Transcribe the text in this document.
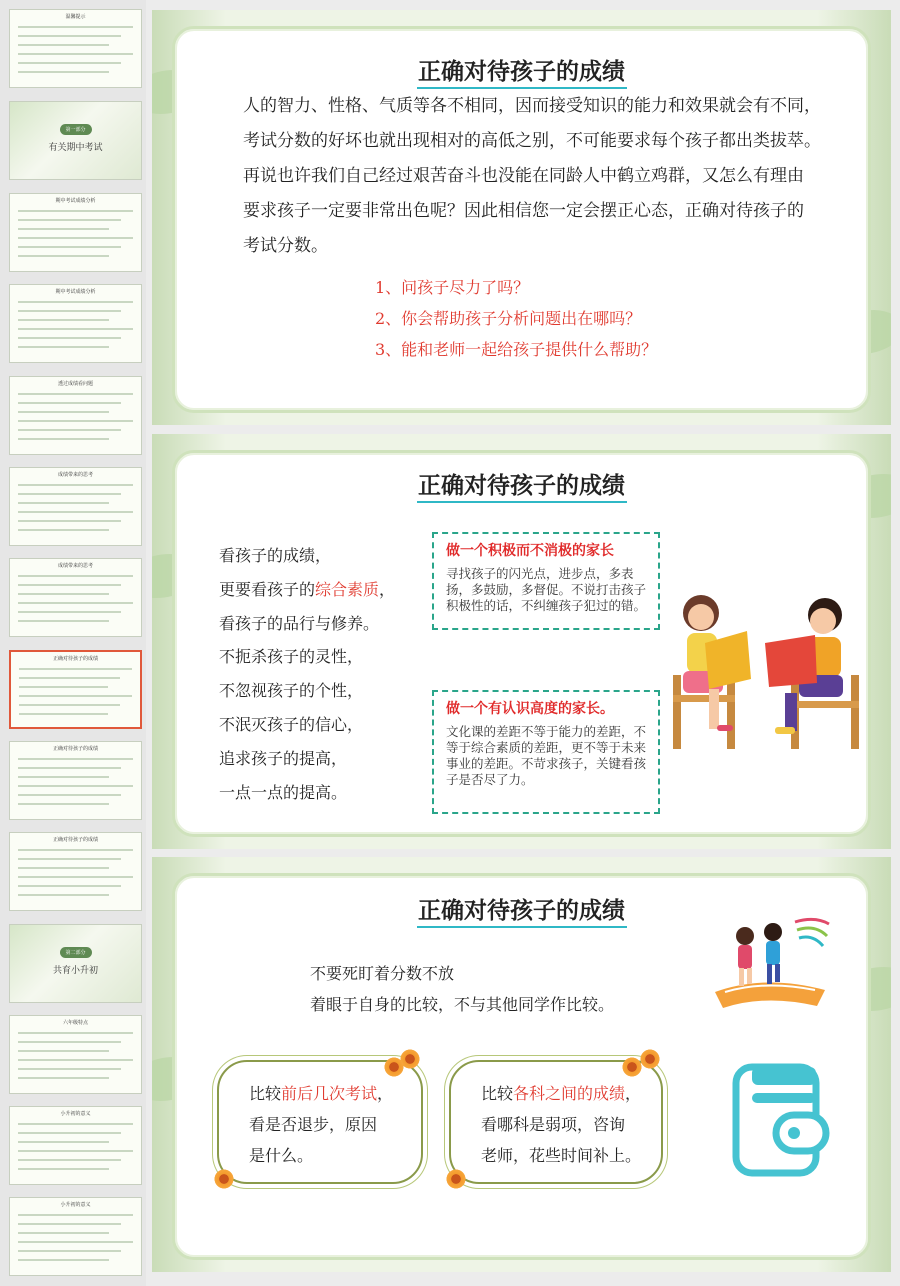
温馨提示
第一部分
有关期中考试
期中考试成绩分析
期中考试成绩分析
透过成绩看问题
成绩带来的思考
成绩带来的思考
正确对待孩子的成绩
正确对待孩子的成绩
正确对待孩子的成绩
第二部分
共育小升初
六年级特点
小升初的意义
小升初的意义
正确对待孩子的成绩
人的智力、性格、气质等各不相同，因而接受知识的能力和效果就会有不同，
考试分数的好坏也就出现相对的高低之别，不可能要求每个孩子都出类拔萃。
再说也许我们自己经过艰苦奋斗也没能在同龄人中鹤立鸡群，又怎么有理由
要求孩子一定要非常出色呢？因此相信您一定会摆正心态，正确对待孩子的
考试分数。
1、问孩子尽力了吗？
2、你会帮助孩子分析问题出在哪吗？
3、能和老师一起给孩子提供什么帮助？
正确对待孩子的成绩
看孩子的成绩，
更要看孩子的综合素质，
看孩子的品行与修养。
不扼杀孩子的灵性，
不忽视孩子的个性，
不泯灭孩子的信心，
追求孩子的提高，
一点一点的提高。
做一个积极而不消极的家长
寻找孩子的闪光点，进步点，多表扬，多鼓励，多督促。不说打击孩子积极性的话，不纠缠孩子犯过的错。
做一个有认识高度的家长。
文化课的差距不等于能力的差距，不等于综合素质的差距，更不等于未来事业的差距。不苛求孩子，关键看孩子是否尽了力。
正确对待孩子的成绩
不要死盯着分数不放
着眼于自身的比较，不与其他同学作比较。
比较前后几次考试，
看是否退步，原因
是什么。
比较各科之间的成绩，
看哪科是弱项，咨询
老师，花些时间补上。
